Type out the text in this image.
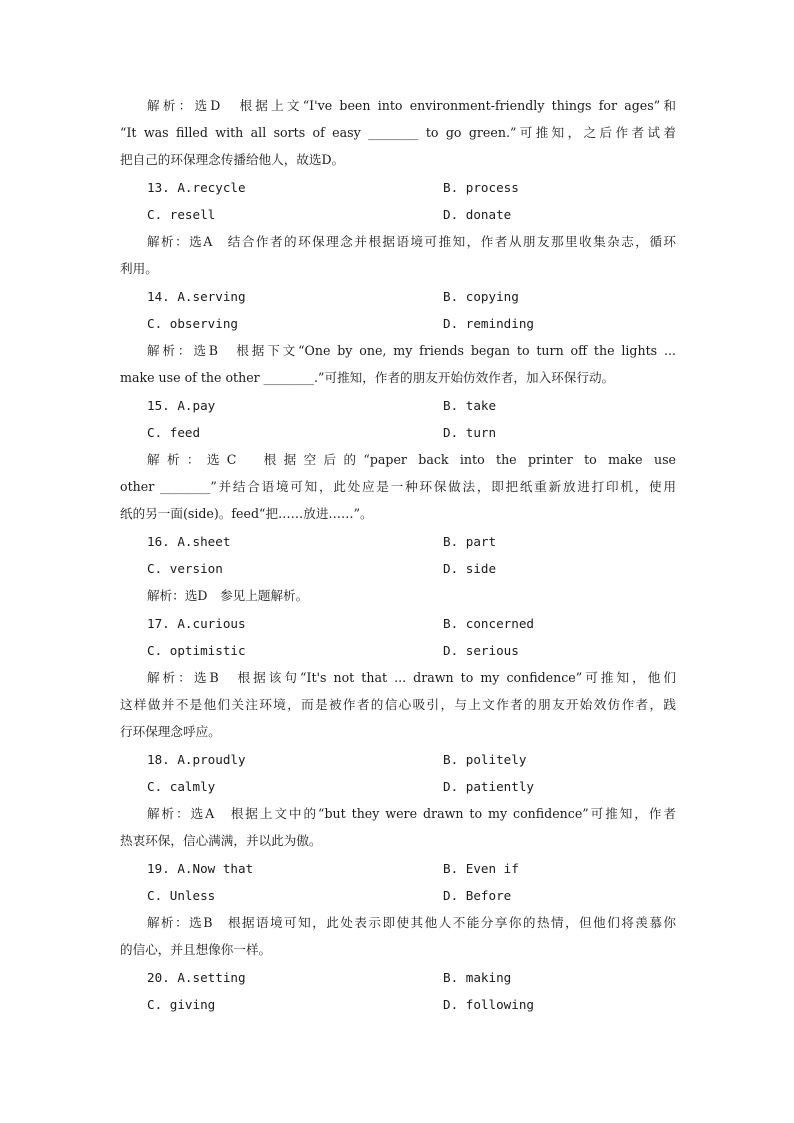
解析：选D　根据上文“I've been into environment-friendly things for ages”和
“It was filled with all sorts of easy ________ to go green.”可推知，之后作者试着
把自己的环保理念传播给他人，故选D。
13. A.recycle	B. process
C. resell	D. donate
解析：选A　结合作者的环保理念并根据语境可推知，作者从朋友那里收集杂志，循环
利用。
14. A.serving	B. copying
C. observing	D. reminding
解析：选B　根据下文“One by one, my friends began to turn off the lights ...
make use of the other ________.”可推知，作者的朋友开始仿效作者，加入环保行动。
15. A.pay	B. take
C. feed	D. turn
解析：选C　根据空后的“paper back into the printer to make use
other ________”并结合语境可知，此处应是一种环保做法，即把纸重新放进打印机，使用
纸的另一面(side)。feed“把……放进……”。
16. A.sheet	B. part
C. version	D. side
解析：选D　参见上题解析。
17. A.curious	B. concerned
C. optimistic	D. serious
解析：选B　根据该句“It's not that ... drawn to my confidence”可推知，他们
这样做并不是他们关注环境，而是被作者的信心吸引，与上文作者的朋友开始效仿作者，践
行环保理念呼应。
18. A.proudly	B. politely
C. calmly	D. patiently
解析：选A　根据上文中的“but they were drawn to my confidence”可推知，作者
热衷环保，信心满满，并以此为傲。
19. A.Now that	B. Even if
C. Unless	D. Before
解析：选B　根据语境可知，此处表示即使其他人不能分享你的热情，但他们将羡慕你
的信心，并且想像你一样。
20. A.setting	B. making
C. giving	D. following
